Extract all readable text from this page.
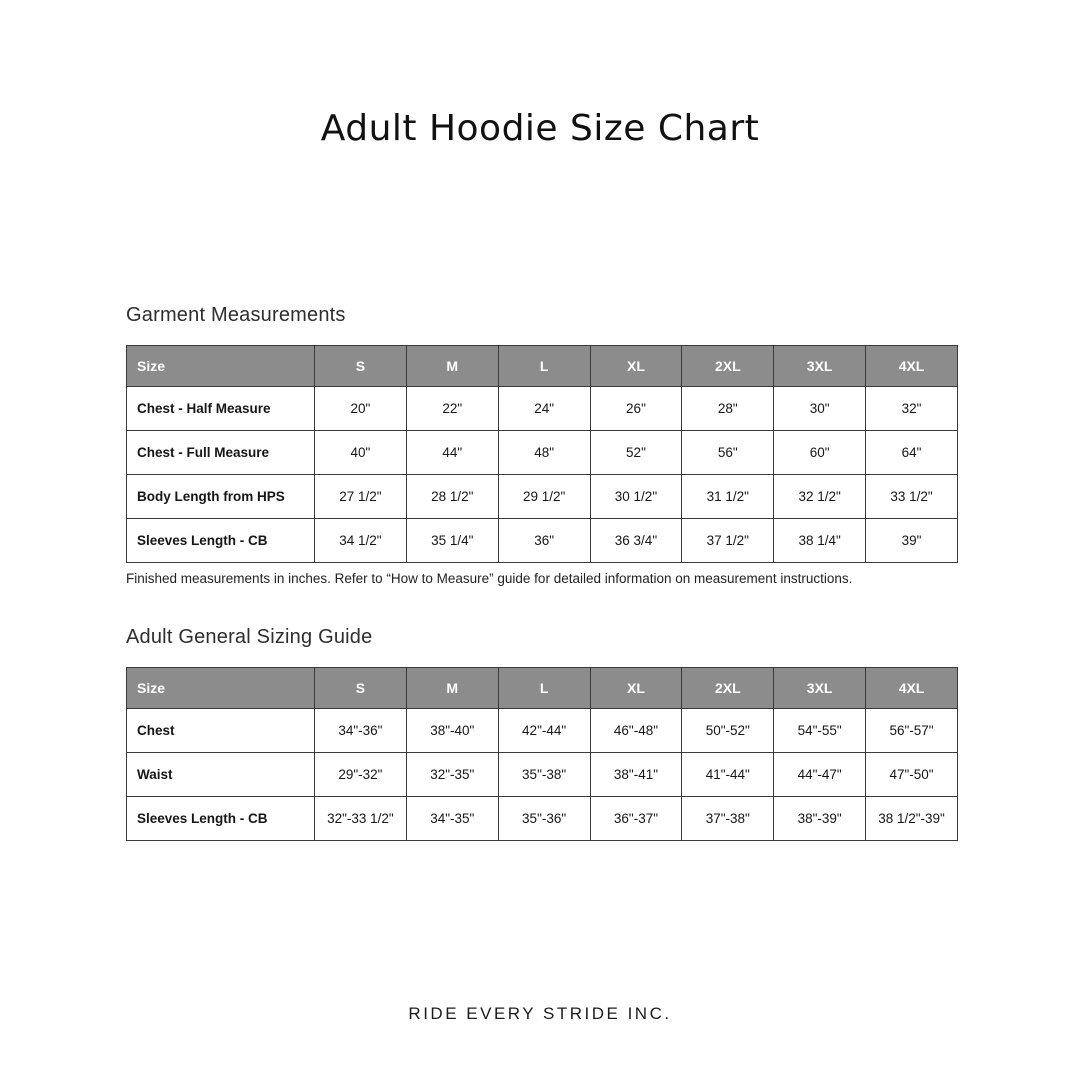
Adult Hoodie Size Chart
Garment Measurements
Size	S	M	L	XL	2XL	3XL	4XL
Chest - Half Measure	20"	22"	24"	26"	28"	30"	32"
Chest - Full Measure	40"	44"	48"	52"	56"	60"	64"
Body Length from HPS	27 1/2"	28 1/2"	29 1/2"	30 1/2"	31 1/2"	32 1/2"	33 1/2"
Sleeves Length - CB	34 1/2"	35 1/4"	36"	36 3/4"	37 1/2"	38 1/4"	39"
Finished measurements in inches. Refer to “How to Measure” guide for detailed information on measurement instructions.
Adult General Sizing Guide
Size	S	M	L	XL	2XL	3XL	4XL
Chest	34"-36"	38"-40"	42"-44"	46"-48"	50"-52"	54"-55"	56"-57"
Waist	29"-32"	32"-35"	35"-38"	38"-41"	41"-44"	44"-47"	47"-50"
Sleeves Length - CB	32"-33 1/2"	34"-35"	35"-36"	36"-37"	37"-38"	38"-39"	38 1/2"-39"
RIDE EVERY STRIDE INC.
